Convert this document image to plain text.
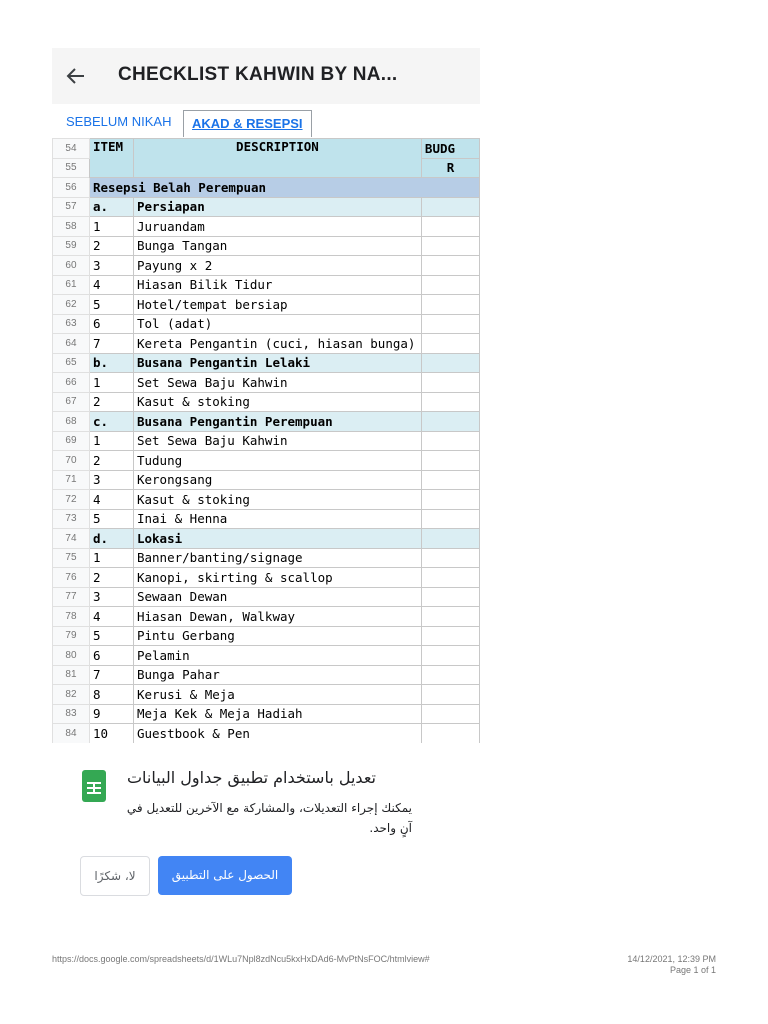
CHECKLIST KAHWIN BY NA...
SEBELUM NIKAH	AKAD & RESEPSI
54	ITEM	DESCRIPTION	BUDG
55			R
56	Resepsi Belah Perempuan		
57	a.	Persiapan	
58	1	Juruandam	
59	2	Bunga Tangan	
60	3	Payung x 2	
61	4	Hiasan Bilik Tidur	
62	5	Hotel/tempat bersiap	
63	6	Tol (adat)	
64	7	Kereta Pengantin (cuci, hiasan bunga)	
65	b.	Busana Pengantin Lelaki	
66	1	Set Sewa Baju Kahwin	
67	2	Kasut & stoking	
68	c.	Busana Pengantin Perempuan	
69	1	Set Sewa Baju Kahwin	
70	2	Tudung	
71	3	Kerongsang	
72	4	Kasut & stoking	
73	5	Inai & Henna	
74	d.	Lokasi	
75	1	Banner/banting/signage	
76	2	Kanopi, skirting & scallop	
77	3	Sewaan Dewan	
78	4	Hiasan Dewan, Walkway	
79	5	Pintu Gerbang	
80	6	Pelamin	
81	7	Bunga Pahar	
82	8	Kerusi & Meja	
83	9	Meja Kek & Meja Hadiah	
84	10	Guestbook & Pen	
تعديل باستخدام تطبيق جداول البيانات
يمكنك إجراء التعديلات، والمشاركة مع الآخرين للتعديل في آنٍ واحد.
لا، شكرًا	الحصول على التطبيق
https://docs.google.com/spreadsheets/d/1WLu7Npl8zdNcu5kxHxDAd6-MvPtNsFOC/htmlview#	14/12/2021, 12:39 PM
Page 1 of 1
